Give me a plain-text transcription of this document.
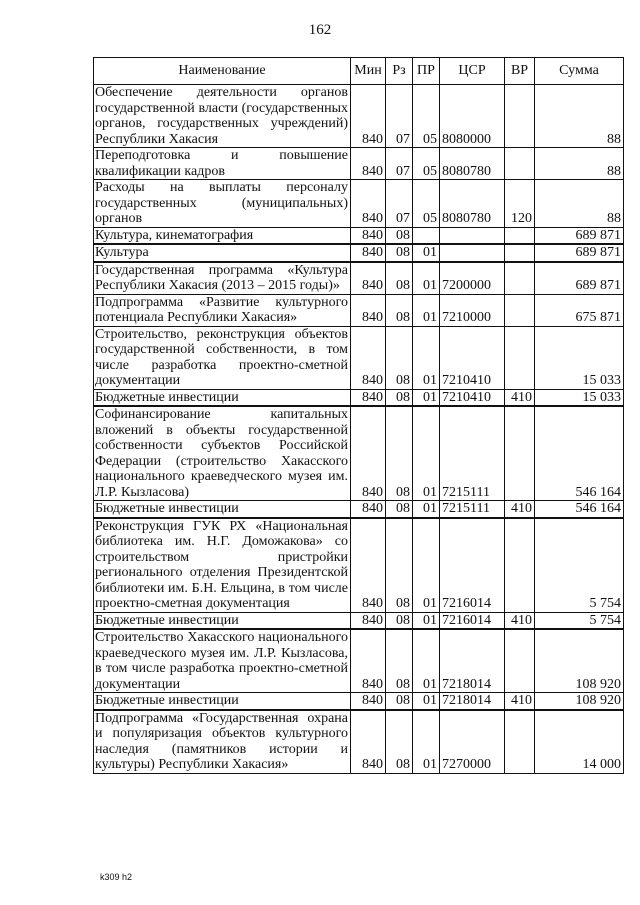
162
Наименование	Мин	Рз	ПР	ЦСР	ВР	Сумма
Обеспечение деятельности органов государственной власти (государственных органов, государственных учреждений) Республики Хакасия	840	07	05	8080000		88
Переподготовка и повышение квалификации кадров	840	07	05	8080780		88
Расходы на выплаты персоналу государственных (муниципальных) органов	840	07	05	8080780	120	88
Культура, кинематография	840	08				689 871
Культура	840	08	01			689 871
Государственная программа «Культура Республики Хакасия (2013 – 2015 годы)»	840	08	01	7200000		689 871
Подпрограмма «Развитие культурного потенциала Республики Хакасия»	840	08	01	7210000		675 871
Строительство, реконструкция объектов государственной собственности, в том числе разработка проектно-сметной документации	840	08	01	7210410		15 033
Бюджетные инвестиции	840	08	01	7210410	410	15 033
Софинансирование капитальных вложений в объекты государственной собственности субъектов Российской Федерации (строительство Хакасского национального краеведческого музея им. Л.Р. Кызласова)	840	08	01	7215111		546 164
Бюджетные инвестиции	840	08	01	7215111	410	546 164
Реконструкция ГУК РХ «Национальная библиотека им. Н.Г. Доможакова» со строительством пристройки регионального отделения Президентской библиотеки им. Б.Н. Ельцина, в том числе проектно-сметная документация	840	08	01	7216014		5 754
Бюджетные инвестиции	840	08	01	7216014	410	5 754
Строительство Хакасского национального краеведческого музея им. Л.Р. Кызласова, в том числе разработка проектно-сметной документации	840	08	01	7218014		108 920
Бюджетные инвестиции	840	08	01	7218014	410	108 920
Подпрограмма «Государственная охрана и популяризация объектов культурного наследия (памятников истории и культуры) Республики Хакасия»	840	08	01	7270000		14 000
k309 h2
